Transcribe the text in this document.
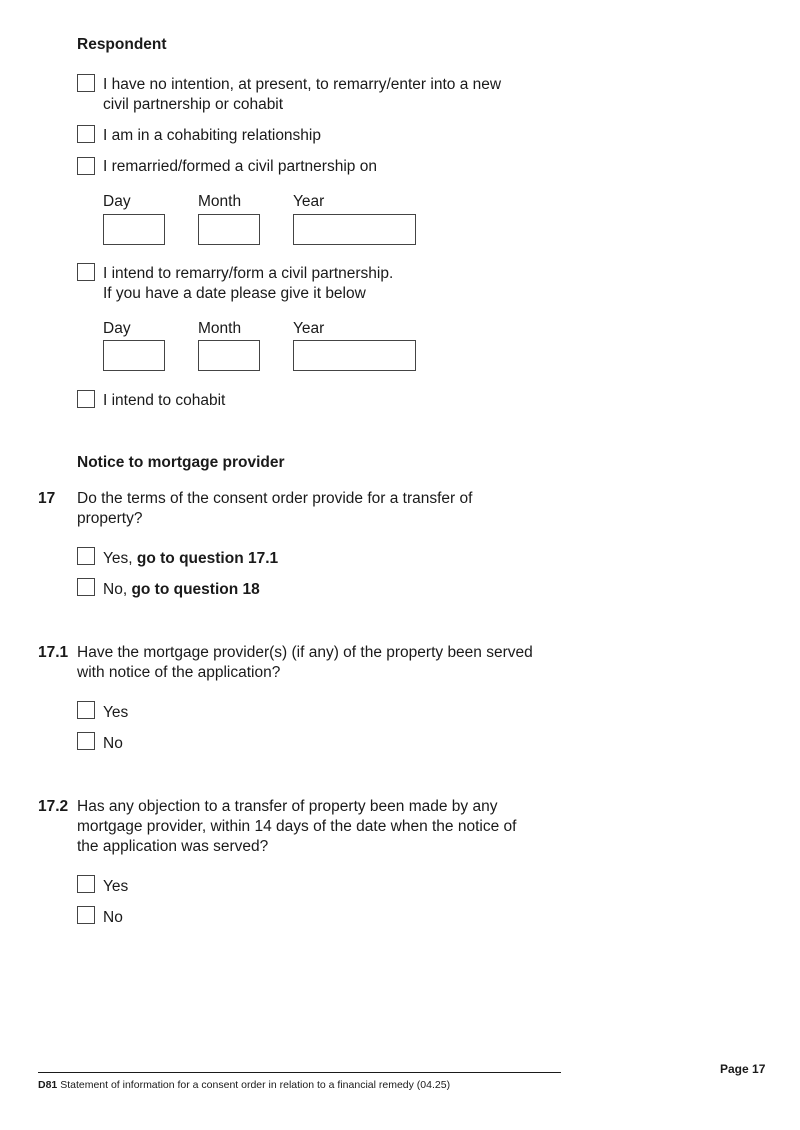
Respondent
I have no intention, at present, to remarry/enter into a new
civil partnership or cohabit
I am in a cohabiting relationship
I remarried/formed a civil partnership on
Day	Month	Year
I intend to remarry/form a civil partnership.
If you have a date please give it below
Day	Month	Year
I intend to cohabit
Notice to mortgage provider
17 Do the terms of the consent order provide for a transfer of
property?
Yes, go to question 17.1
No, go to question 18
17.1 Have the mortgage provider(s) (if any) of the property been served
with notice of the application?
Yes
No
17.2 Has any objection to a transfer of property been made by any
mortgage provider, within 14 days of the date when the notice of
the application was served?
Yes
No
Page 17
D81 Statement of information for a consent order in relation to a financial remedy (04.25)
